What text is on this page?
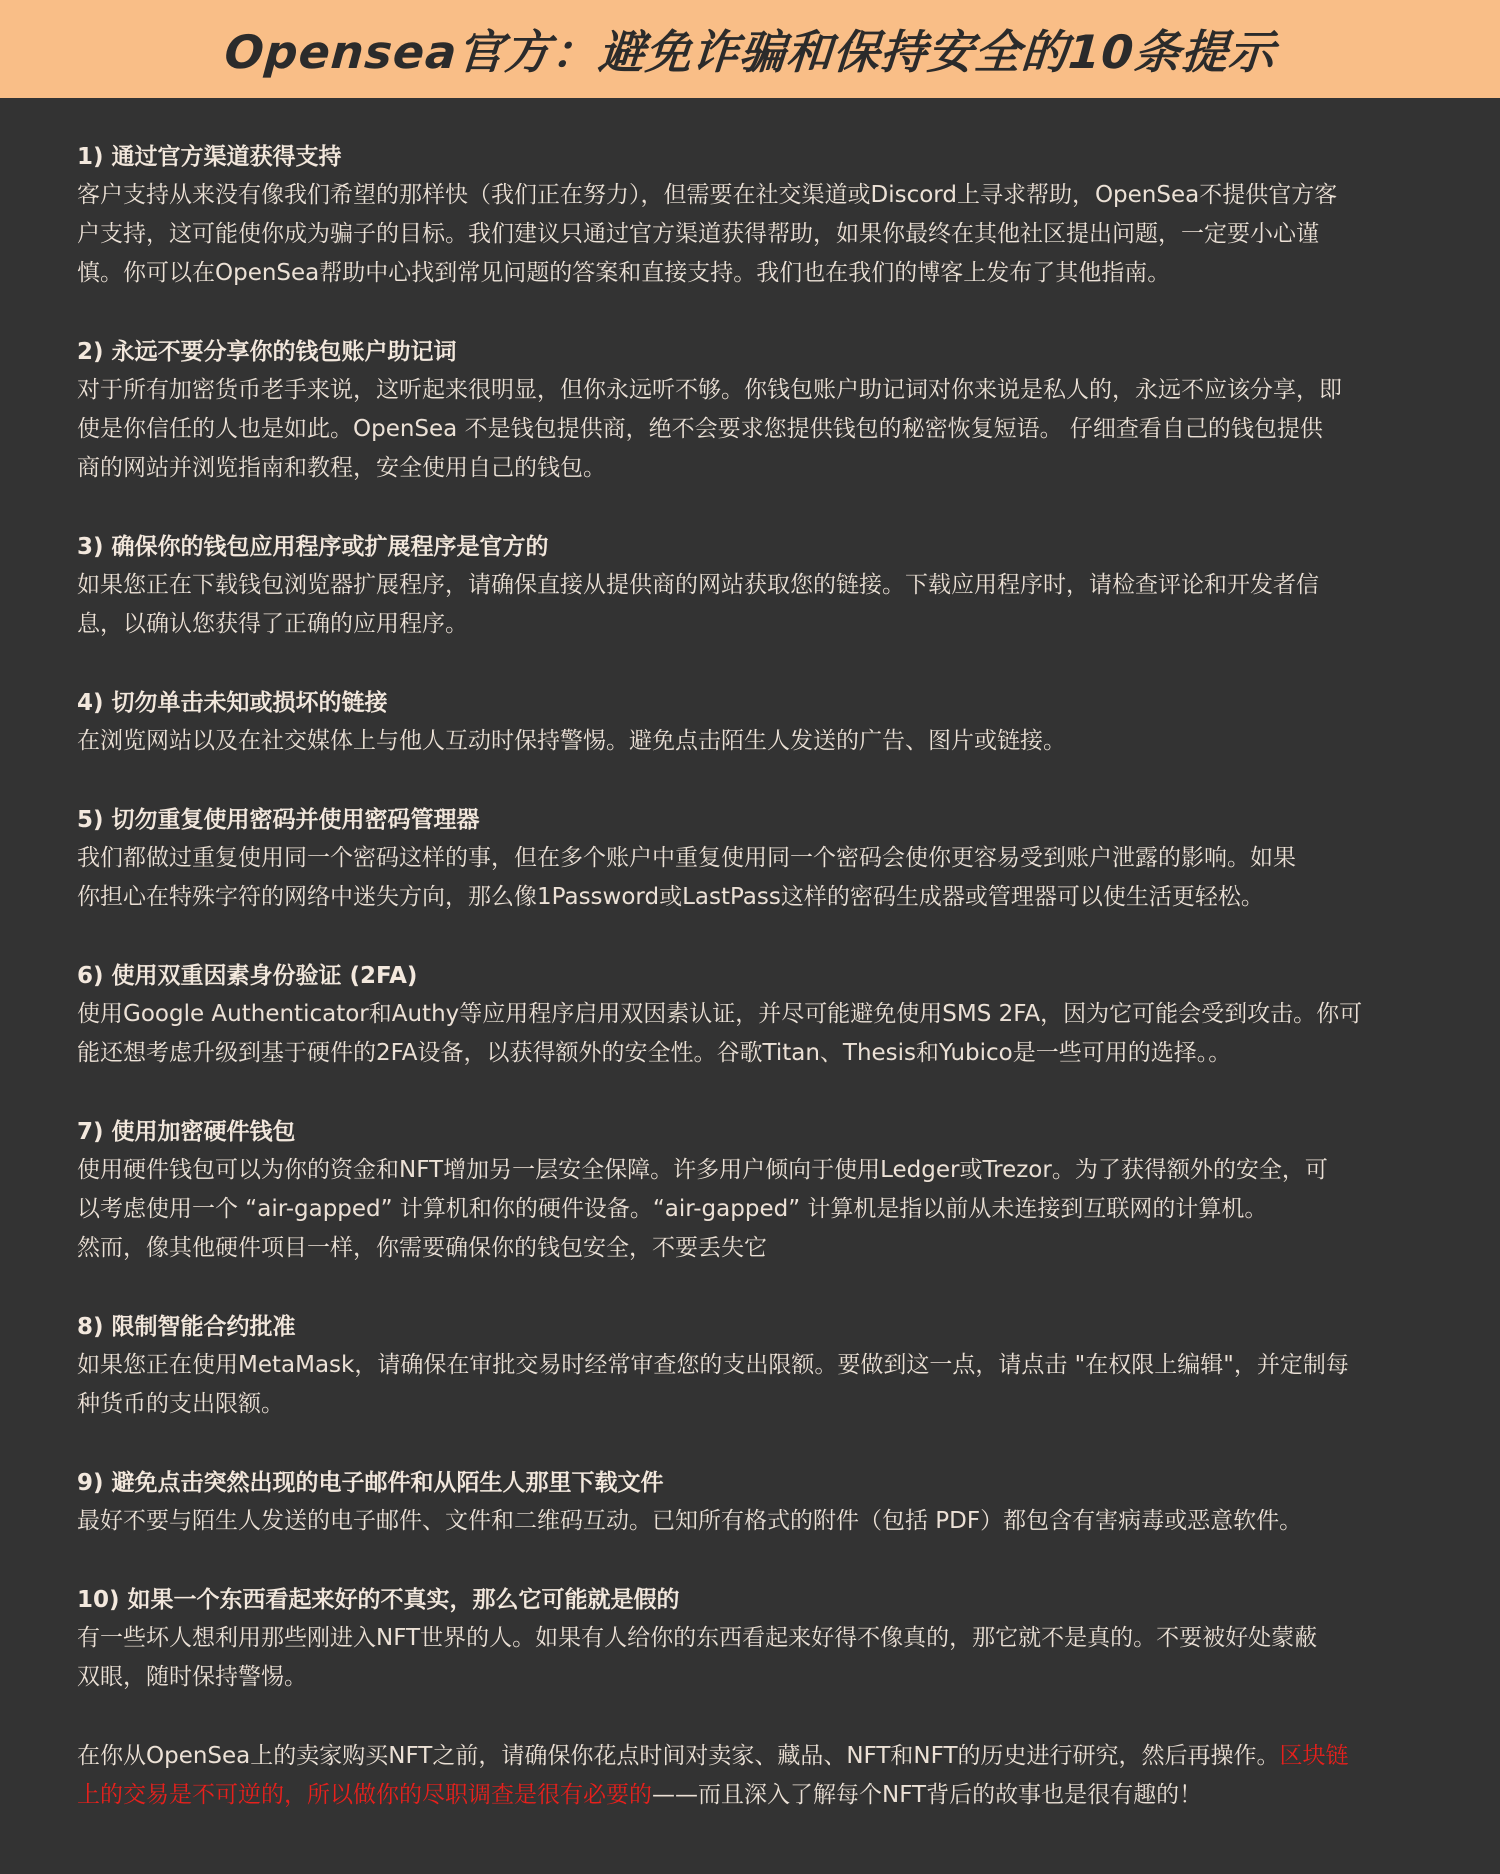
Opensea官方：避免诈骗和保持安全的10条提示

1) 通过官方渠道获得支持

客户支持从来没有像我们希望的那样快（我们正在努力），但需要在社交渠道或Discord上寻求帮助，OpenSea不提供官方客
户支持，这可能使你成为骗子的目标。我们建议只通过官方渠道获得帮助，如果你最终在其他社区提出问题，一定要小心谨
慎。你可以在OpenSea帮助中心找到常见问题的答案和直接支持。我们也在我们的博客上发布了其他指南。

2) 永远不要分享你的钱包账户助记词

对于所有加密货币老手来说，这听起来很明显，但你永远听不够。你钱包账户助记词对你来说是私人的，永远不应该分享，即
使是你信任的人也是如此。OpenSea 不是钱包提供商，绝不会要求您提供钱包的秘密恢复短语。 仔细查看自己的钱包提供
商的网站并浏览指南和教程，安全使用自己的钱包。

3) 确保你的钱包应用程序或扩展程序是官方的

如果您正在下载钱包浏览器扩展程序，请确保直接从提供商的网站获取您的链接。下载应用程序时，请检查评论和开发者信
息，以确认您获得了正确的应用程序。

4) 切勿单击未知或损坏的链接

在浏览网站以及在社交媒体上与他人互动时保持警惕。避免点击陌生人发送的广告、图片或链接。

5) 切勿重复使用密码并使用密码管理器

我们都做过重复使用同一个密码这样的事，但在多个账户中重复使用同一个密码会使你更容易受到账户泄露的影响。如果
你担心在特殊字符的网络中迷失方向，那么像1Password或LastPass这样的密码生成器或管理器可以使生活更轻松。

6) 使用双重因素身份验证 (2FA)

使用Google Authenticator和Authy等应用程序启用双因素认证，并尽可能避免使用SMS 2FA，因为它可能会受到攻击。你可
能还想考虑升级到基于硬件的2FA设备，以获得额外的安全性。谷歌Titan、Thesis和Yubico是一些可用的选择。。

7) 使用加密硬件钱包

使用硬件钱包可以为你的资金和NFT增加另一层安全保障。许多用户倾向于使用Ledger或Trezor。为了获得额外的安全，可
以考虑使用一个 “air-gapped” 计算机和你的硬件设备。“air-gapped” 计算机是指以前从未连接到互联网的计算机。
然而，像其他硬件项目一样，你需要确保你的钱包安全，不要丢失它

8) 限制智能合约批准

如果您正在使用MetaMask，请确保在审批交易时经常审查您的支出限额。要做到这一点，请点击 "在权限上编辑"，并定制每
种货币的支出限额。

9) 避免点击突然出现的电子邮件和从陌生人那里下载文件

最好不要与陌生人发送的电子邮件、文件和二维码互动。已知所有格式的附件（包括 PDF）都包含有害病毒或恶意软件。

10) 如果一个东西看起来好的不真实，那么它可能就是假的

有一些坏人想利用那些刚进入NFT世界的人。如果有人给你的东西看起来好得不像真的，那它就不是真的。不要被好处蒙蔽
双眼，随时保持警惕。

在你从OpenSea上的卖家购买NFT之前，请确保你花点时间对卖家、藏品、NFT和NFT的历史进行研究，然后再操作。区块链
上的交易是不可逆的，所以做你的尽职调查是很有必要的——而且深入了解每个NFT背后的故事也是很有趣的！
